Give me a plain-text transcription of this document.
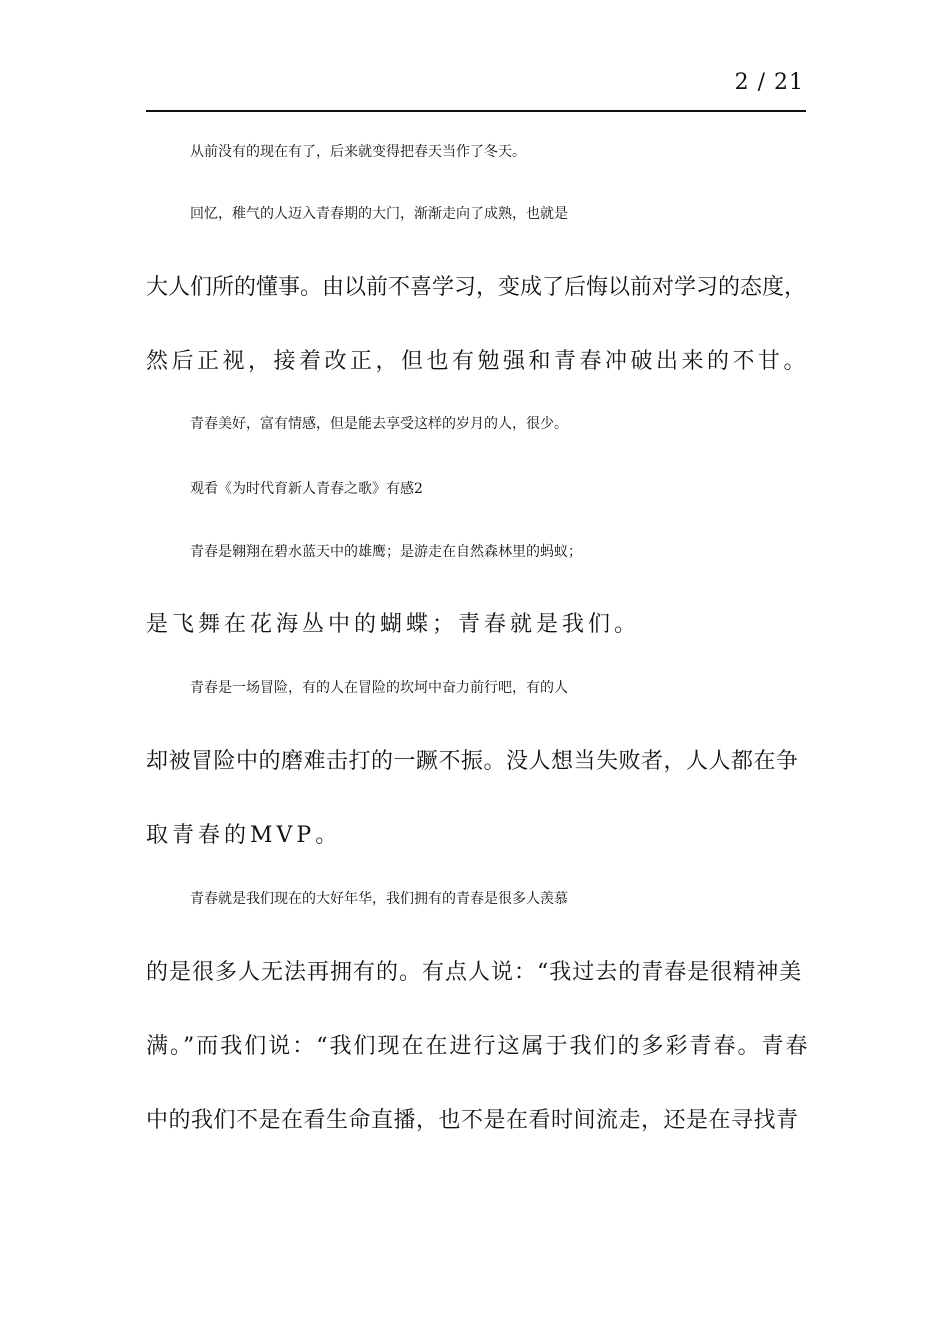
2 / 21
从前没有的现在有了，后来就变得把春天当作了冬天。
回忆，稚气的人迈入青春期的大门，渐渐走向了成熟，也就是
大人们所的懂事。由以前不喜学习，变成了后悔以前对学习的态度，
然后正视，接着改正，但也有勉强和青春冲破出来的不甘。
青春美好，富有情感，但是能去享受这样的岁月的人，很少。
观看《为时代育新人青春之歌》有感2
青春是翱翔在碧水蓝天中的雄鹰；是游走在自然森林里的蚂蚁；
是飞舞在花海丛中的蝴蝶；青春就是我们。
青春是一场冒险，有的人在冒险的坎坷中奋力前行吧，有的人
却被冒险中的磨难击打的一蹶不振。没人想当失败者，人人都在争
取青春的MVP。
青春就是我们现在的大好年华，我们拥有的青春是很多人羡慕
的是很多人无法再拥有的。有点人说：“我过去的青春是很精神美
满。”而我们说：“我们现在在进行这属于我们的多彩青春。青春
中的我们不是在看生命直播，也不是在看时间流走，还是在寻找青
